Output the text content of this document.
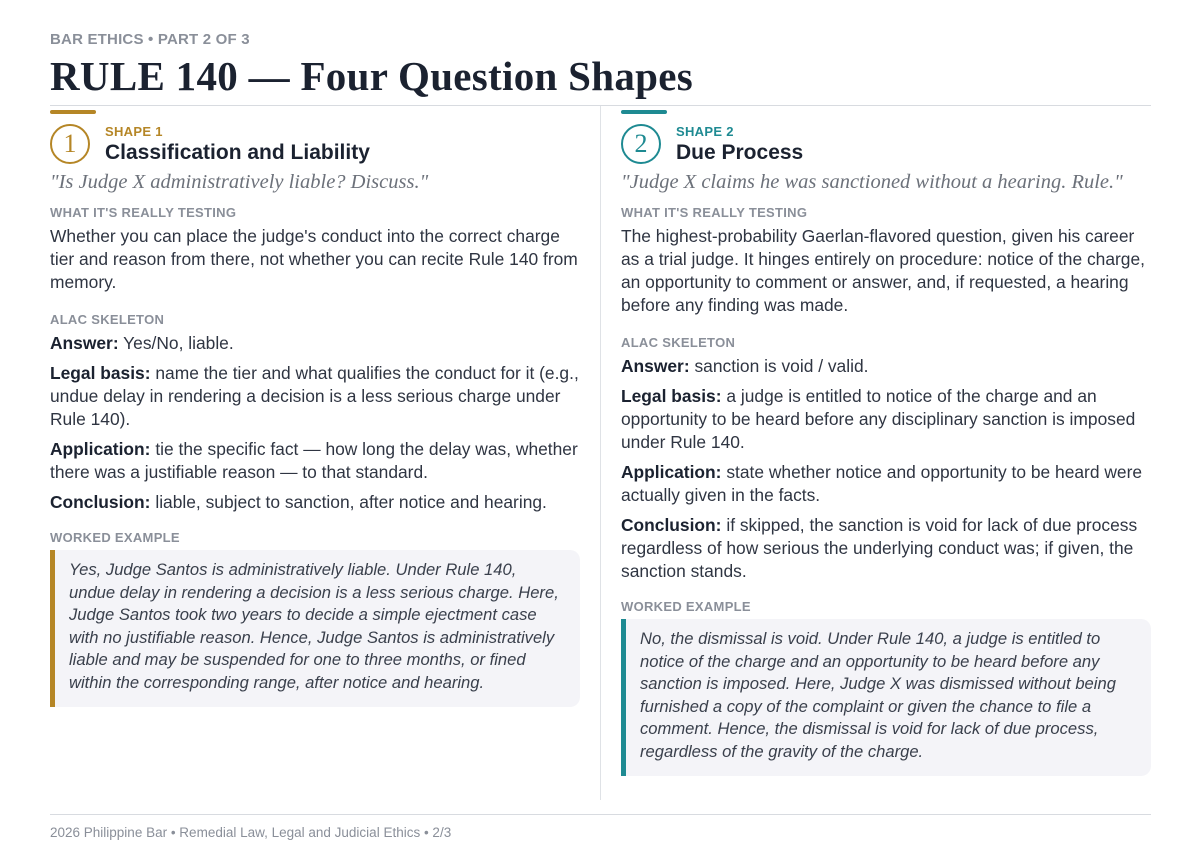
BAR ETHICS • PART 2 OF 3
RULE 140 — Four Question Shapes
1	SHAPE 1
Classification and Liability

"Is Judge X administratively liable? Discuss."

WHAT IT'S REALLY TESTING

Whether you can place the judge's conduct into the correct charge tier and reason from there, not whether you can recite Rule 140 from memory.

ALAC SKELETON

Answer: Yes/No, liable.

Legal basis: name the tier and what qualifies the conduct for it (e.g., undue delay in rendering a decision is a less serious charge under Rule 140).

Application: tie the specific fact — how long the delay was, whether there was a justifiable reason — to that standard.

Conclusion: liable, subject to sanction, after notice and hearing.

WORKED EXAMPLE
Yes, Judge Santos is administratively liable. Under Rule 140, undue delay in rendering a decision is a less serious charge. Here, Judge Santos took two years to decide a simple ejectment case with no justifiable reason. Hence, Judge Santos is administratively liable and may be suspended for one to three months, or fined within the corresponding range, after notice and hearing.
2	SHAPE 2
Due Process

"Judge X claims he was sanctioned without a hearing. Rule."

WHAT IT'S REALLY TESTING

The highest-probability Gaerlan-flavored question, given his career as a trial judge. It hinges entirely on procedure: notice of the charge, an opportunity to comment or answer, and, if requested, a hearing before any finding was made.

ALAC SKELETON

Answer: sanction is void / valid.

Legal basis: a judge is entitled to notice of the charge and an opportunity to be heard before any disciplinary sanction is imposed under Rule 140.

Application: state whether notice and opportunity to be heard were actually given in the facts.

Conclusion: if skipped, the sanction is void for lack of due process regardless of how serious the underlying conduct was; if given, the sanction stands.

WORKED EXAMPLE
No, the dismissal is void. Under Rule 140, a judge is entitled to notice of the charge and an opportunity to be heard before any sanction is imposed. Here, Judge X was dismissed without being furnished a copy of the complaint or given the chance to file a comment. Hence, the dismissal is void for lack of due process, regardless of the gravity of the charge.
2026 Philippine Bar • Remedial Law, Legal and Judicial Ethics • 2/3
